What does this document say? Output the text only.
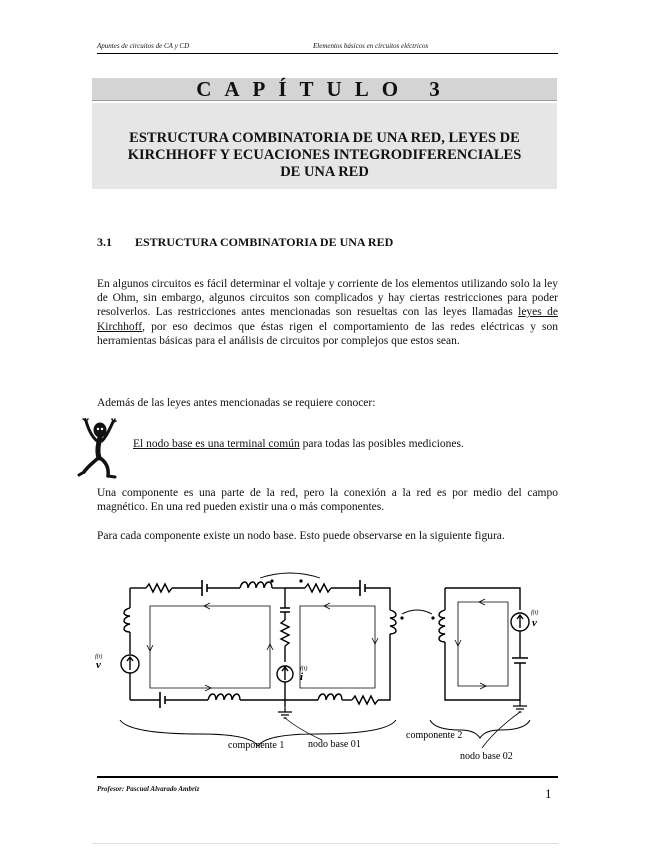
Apuntes de circuitos de CA y CD	Elementos básicos en circuitos eléctricos
CAPÍTULO 3
ESTRUCTURA COMBINATORIA DE UNA RED, LEYES DE
KIRCHHOFF Y ECUACIONES INTEGRODIFERENCIALES
DE UNA RED
3.1 ESTRUCTURA COMBINATORIA DE UNA RED
En algunos circuitos es fácil determinar el voltaje y corriente de los elementos utilizando solo la ley de Ohm, sin embargo, algunos circuitos son complicados y hay ciertas restricciones para poder resolverlos. Las restricciones antes mencionadas son resueltas con las leyes llamadas leyes de Kirchhoff, por eso decimos que éstas rigen el comportamiento de las redes eléctricas y son herramientas básicas para el análisis de circuitos por complejos que estos sean.
Además de las leyes antes mencionadas se requiere conocer:
El nodo base es una terminal común para todas las posibles mediciones.
Una componente es una parte de la red, pero la conexión a la red es por medio del campo magnético. En una red pueden existir una o más componentes.
Para cada componente existe un nodo base. Esto puede observarse en la siguiente figura.
f(t)
v	f(t)
i
f(t)
v
componente 1 nodo base 01
componente 2
nodo base 02
Profesor: Pascual Alvarado Ambriz	1
